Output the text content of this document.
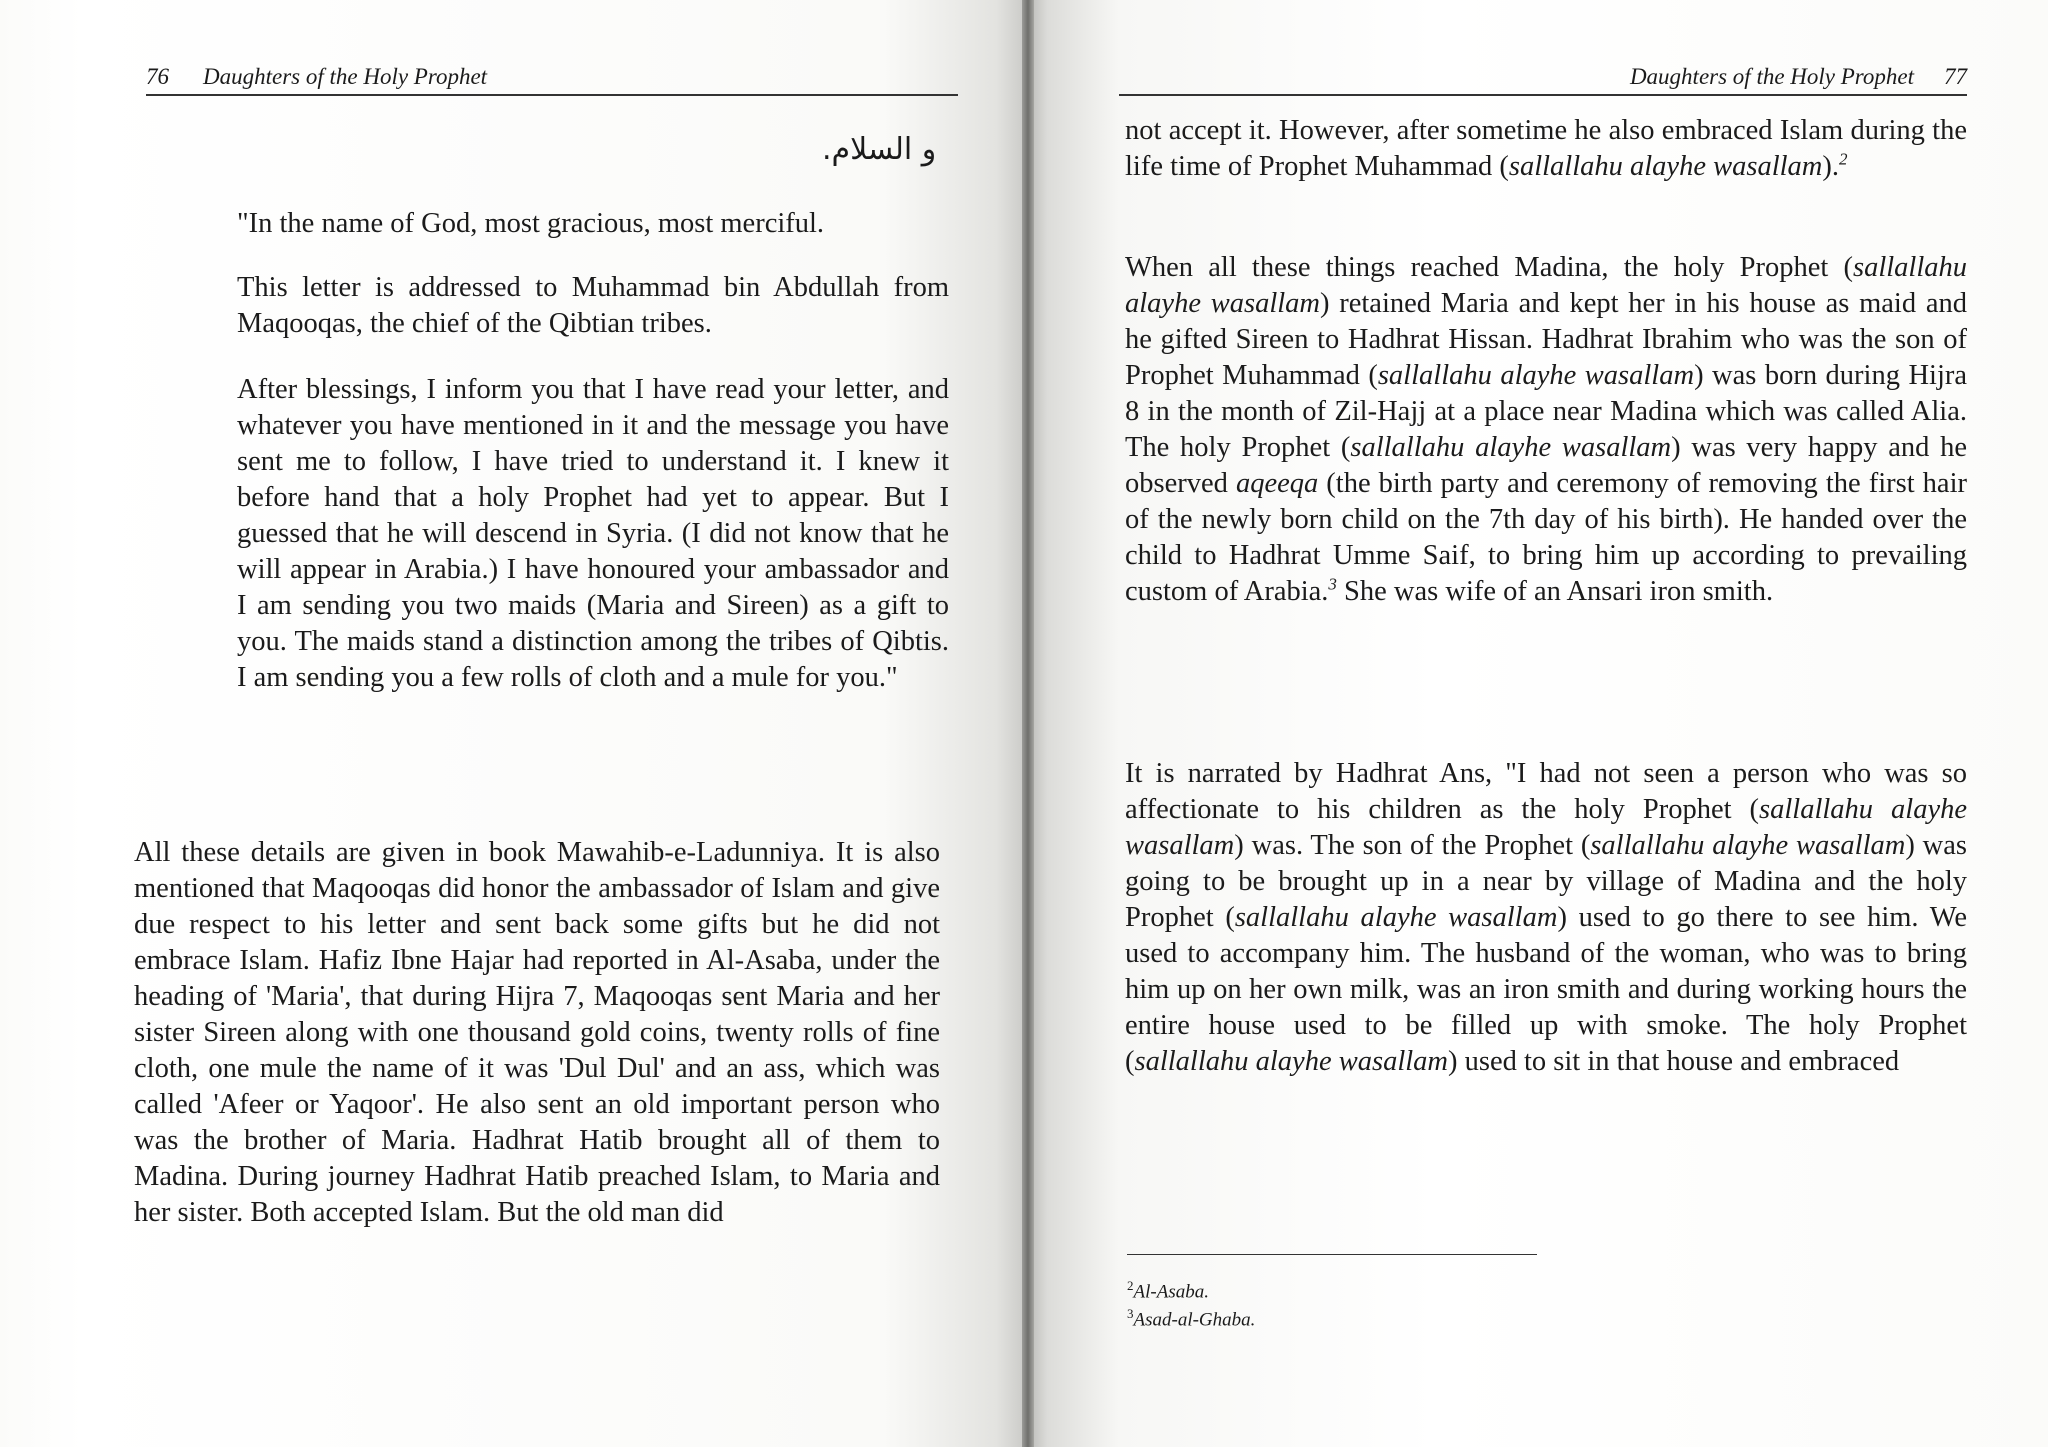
76 Daughters of the Holy Prophet
و السلام.
"In the name of God, most gracious, most merciful.
This letter is addressed to Muhammad bin Abdullah from Maqooqas, the chief of the Qibtian tribes.
After blessings, I inform you that I have read your letter, and whatever you have mentioned in it and the message you have sent me to follow, I have tried to understand it. I knew it before hand that a holy Prophet had yet to appear. But I guessed that he will descend in Syria. (I did not know that he will appear in Arabia.) I have honoured your ambassador and I am sending you two maids (Maria and Sireen) as a gift to you. The maids stand a distinction among the tribes of Qibtis. I am sending you a few rolls of cloth and a mule for you."
All these details are given in book Mawahib-e-Ladunniya. It is also mentioned that Maqooqas did honor the ambassador of Islam and give due respect to his letter and sent back some gifts but he did not embrace Islam. Hafiz Ibne Hajar had reported in Al-Asaba, under the heading of 'Maria', that during Hijra 7, Maqooqas sent Maria and her sister Sireen along with one thousand gold coins, twenty rolls of fine cloth, one mule the name of it was 'Dul Dul' and an ass, which was called 'Afeer or Yaqoor'. He also sent an old important person who was the brother of Maria. Hadhrat Hatib brought all of them to Madina. During journey Hadhrat Hatib preached Islam, to Maria and her sister. Both accepted Islam. But the old man did
Daughters of the Holy Prophet 77
not accept it. However, after sometime he also embraced Islam during the life time of Prophet Muhammad (sallallahu alayhe wasallam).$^2$
When all these things reached Madina, the holy Prophet (sallallahu alayhe wasallam) retained Maria and kept her in his house as maid and he gifted Sireen to Hadhrat Hissan. Hadhrat Ibrahim who was the son of Prophet Muhammad (sallallahu alayhe wasallam) was born during Hijra 8 in the month of Zil-Hajj at a place near Madina which was called Alia. The holy Prophet (sallallahu alayhe wasallam) was very happy and he observed aqeeqa (the birth party and ceremony of removing the first hair of the newly born child on the 7th day of his birth). He handed over the child to Hadhrat Umme Saif, to bring him up according to prevailing custom of Arabia.$^3$ She was wife of an Ansari iron smith.
It is narrated by Hadhrat Ans, "I had not seen a person who was so affectionate to his children as the holy Prophet (sallallahu alayhe wasallam) was. The son of the Prophet (sallallahu alayhe wasallam) was going to be brought up in a near by village of Madina and the holy Prophet (sallallahu alayhe wasallam) used to go there to see him. We used to accompany him. The husband of the woman, who was to bring him up on her own milk, was an iron smith and during working hours the entire house used to be filled up with smoke. The holy Prophet (sallallahu alayhe wasallam) used to sit in that house and embraced
$^2$Al-Asaba.
$^3$Asad-al-Ghaba.
